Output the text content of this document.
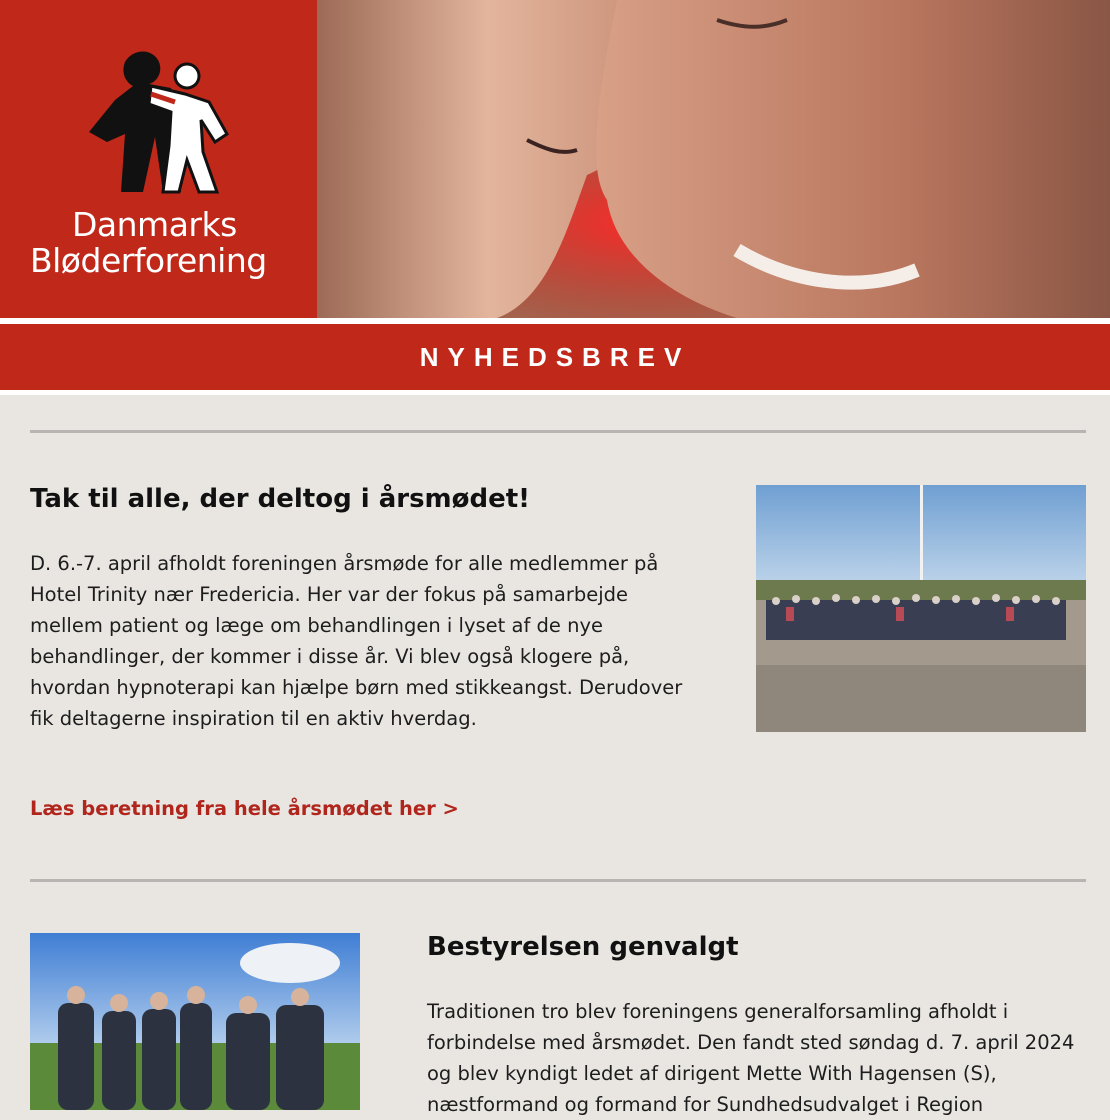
Danmarks
Bløderforening
NYHEDSBREV
Tak til alle, der deltog i årsmødet!
D. 6.-7. april afholdt foreningen årsmøde for alle medlemmer på Hotel Trinity nær Fredericia. Her var der fokus på samarbejde mellem patient og læge om behandlingen i lyset af de nye behandlinger, der kommer i disse år. Vi blev også klogere på, hvordan hypnoterapi kan hjælpe børn med stikkeangst. Derudover fik deltagerne inspiration til en aktiv hverdag.
Læs beretning fra hele årsmødet her >
Bestyrelsen genvalgt
Traditionen tro blev foreningens generalforsamling afholdt i forbindelse med årsmødet. Den fandt sted søndag d. 7. april 2024 og blev kyndigt ledet af dirigent Mette With Hagensen (S), næstformand og formand for Sundhedsudvalget i Region
